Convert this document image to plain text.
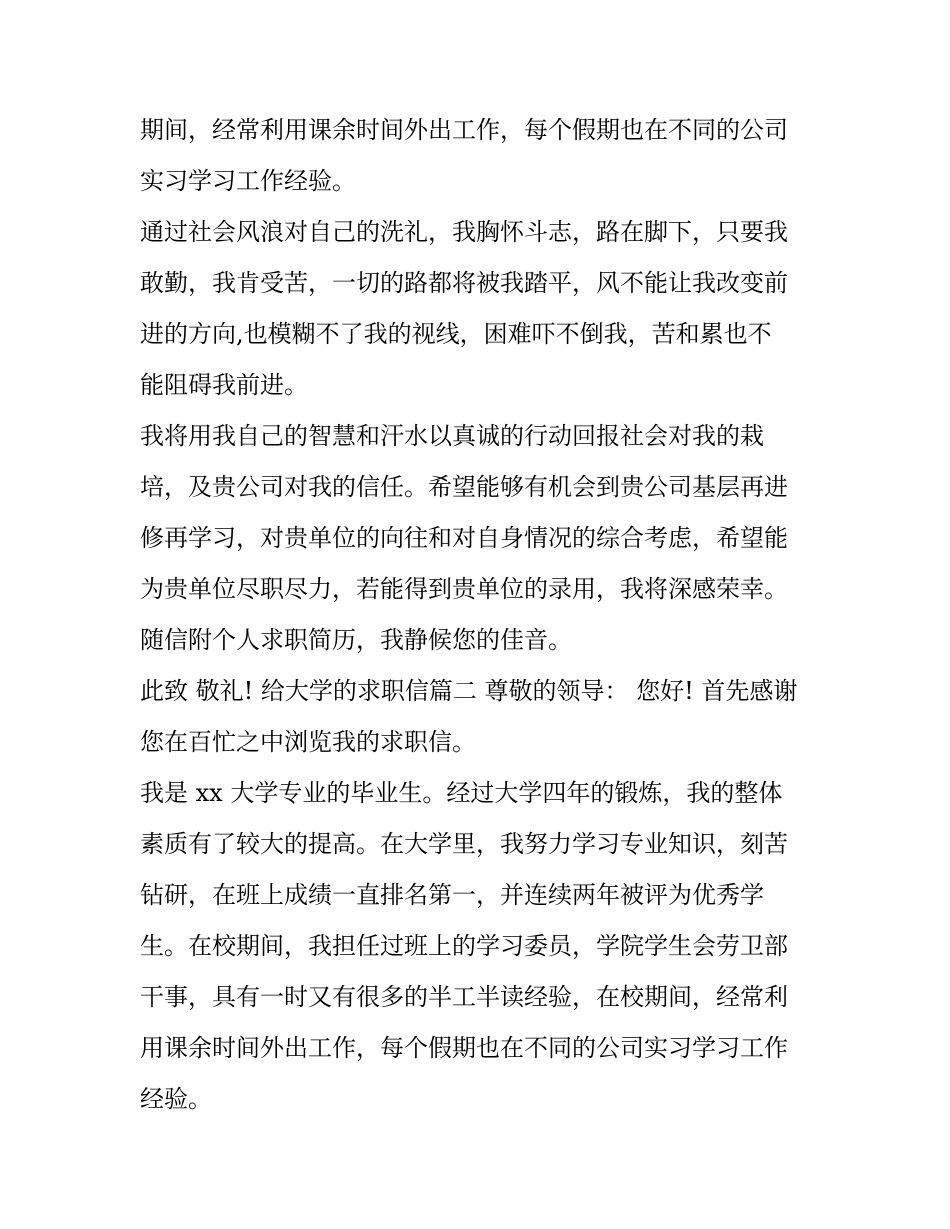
期间，经常利用课余时间外出工作，每个假期也在不同的公司
实习学习工作经验。
通过社会风浪对自己的洗礼，我胸怀斗志，路在脚下，只要我
敢勤，我肯受苦，一切的路都将被我踏平，风不能让我改变前
进的方向,也模糊不了我的视线，困难吓不倒我，苦和累也不
能阻碍我前进。
我将用我自己的智慧和汗水以真诚的行动回报社会对我的栽
培，及贵公司对我的信任。希望能够有机会到贵公司基层再进
修再学习，对贵单位的向往和对自身情况的综合考虑，希望能
为贵单位尽职尽力，若能得到贵单位的录用，我将深感荣幸。
随信附个人求职简历，我静候您的佳音。
此致 敬礼! 给大学的求职信篇二 尊敬的领导： 您好! 首先感谢
您在百忙之中浏览我的求职信。
我是 xx 大学专业的毕业生。经过大学四年的锻炼，我的整体
素质有了较大的提高。在大学里，我努力学习专业知识，刻苦
钻研，在班上成绩一直排名第一，并连续两年被评为优秀学
生。在校期间，我担任过班上的学习委员，学院学生会劳卫部
干事，具有一时又有很多的半工半读经验，在校期间，经常利
用课余时间外出工作，每个假期也在不同的公司实习学习工作
经验。
